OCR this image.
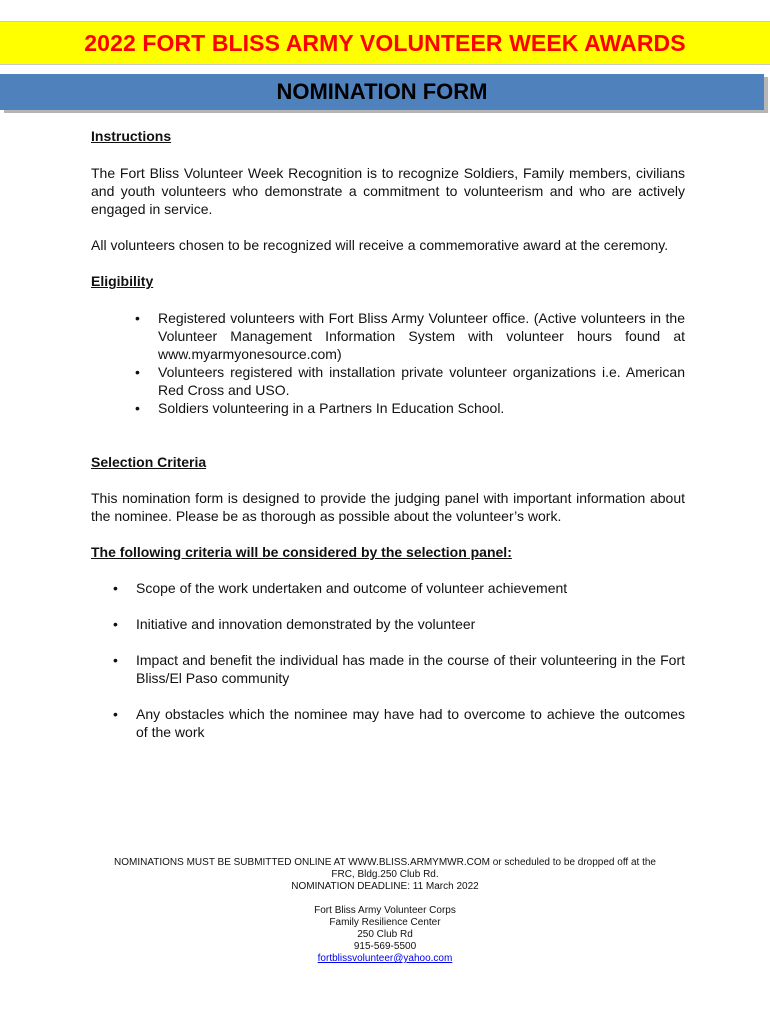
2022 FORT BLISS ARMY VOLUNTEER WEEK AWARDS
NOMINATION FORM

Instructions

The Fort Bliss Volunteer Week Recognition is to recognize Soldiers, Family members, civilians and youth volunteers who demonstrate a commitment to volunteerism and who are actively engaged in service.

All volunteers chosen to be recognized will receive a commemorative award at the ceremony.

Eligibility

• Registered volunteers with Fort Bliss Army Volunteer office. (Active volunteers in the Volunteer Management Information System with volunteer hours found at www.myarmyonesource.com)
• Volunteers registered with installation private volunteer organizations i.e. American Red Cross and USO.
• Soldiers volunteering in a Partners In Education School.

Selection Criteria

This nomination form is designed to provide the judging panel with important information about the nominee. Please be as thorough as possible about the volunteer’s work.

The following criteria will be considered by the selection panel:

• Scope of the work undertaken and outcome of volunteer achievement
• Initiative and innovation demonstrated by the volunteer
• Impact and benefit the individual has made in the course of their volunteering in the Fort Bliss/El Paso community
• Any obstacles which the nominee may have had to overcome to achieve the outcomes of the work
NOMINATIONS MUST BE SUBMITTED ONLINE AT WWW.BLISS.ARMYMWR.COM or scheduled to be dropped off at the
FRC, Bldg.250 Club Rd.
NOMINATION DEADLINE: 11 March 2022
Fort Bliss Army Volunteer Corps
Family Resilience Center
250 Club Rd
915-569-5500
fortblissvolunteer@yahoo.com
